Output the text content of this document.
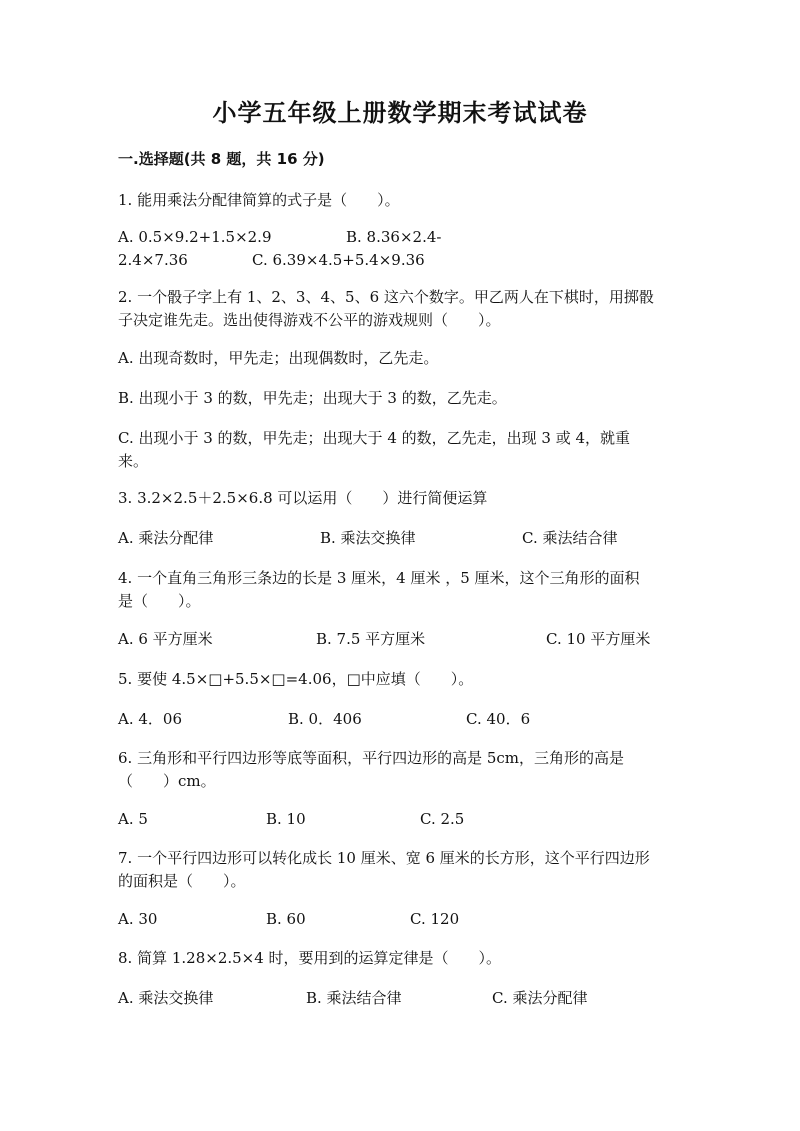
小学五年级上册数学期末考试试卷
一.选择题(共 8 题，共 16 分)
1. 能用乘法分配律简算的式子是（　　）。
A. 0.5×9.2+1.5×2.9	B. 8.36×2.4-
2.4×7.36	C. 6.39×4.5+5.4×9.36
2. 一个骰子字上有 1、2、3、4、5、6 这六个数字。甲乙两人在下棋时，用掷骰
子决定谁先走。选出使得游戏不公平的游戏规则（　　）。
A. 出现奇数时，甲先走；出现偶数时，乙先走。
B. 出现小于 3 的数，甲先走；出现大于 3 的数，乙先走。
C. 出现小于 3 的数，甲先走；出现大于 4 的数，乙先走，出现 3 或 4，就重
来。
3. 3.2×2.5＋2.5×6.8 可以运用（　　）进行简便运算
A. 乘法分配律	B. 乘法交换律	C. 乘法结合律
4. 一个直角三角形三条边的长是 3 厘米，4 厘米 ，5 厘米，这个三角形的面积
是（　　）。
A. 6 平方厘米	B. 7.5 平方厘米	C. 10 平方厘米
5. 要使 4.5×□+5.5×□=4.06，□中应填（　　）。
A. 4．06	B. 0．406	C. 40．6
6. 三角形和平行四边形等底等面积，平行四边形的高是 5cm，三角形的高是
（　　）cm。
A. 5	B. 10	C. 2.5
7. 一个平行四边形可以转化成长 10 厘米、宽 6 厘米的长方形，这个平行四边形
的面积是（　　）。
A. 30	B. 60	C. 120
8. 简算 1.28×2.5×4 时，要用到的运算定律是（　　）。
A. 乘法交换律	B. 乘法结合律	C. 乘法分配律
